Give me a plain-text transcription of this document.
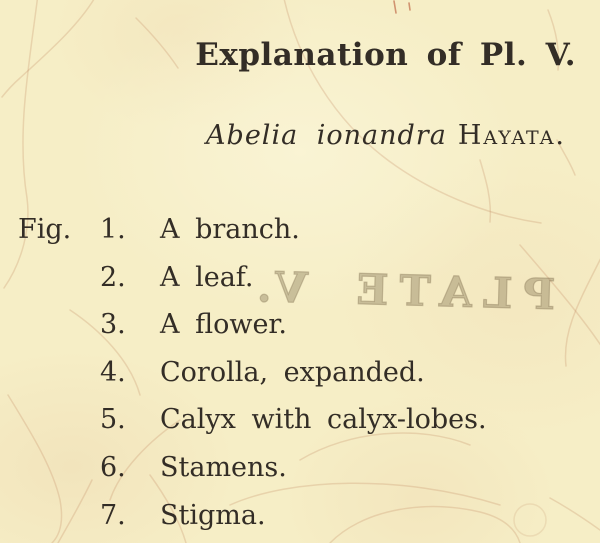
PLATE V.
Explanation of Pl. V.
Abelia ionandra Hayata.
Fig.	1.	A branch.
2.	A leaf.
3.	A flower.
4.	Corolla, expanded.
5.	Calyx with calyx-lobes.
6.	Stamens.
7.	Stigma.
